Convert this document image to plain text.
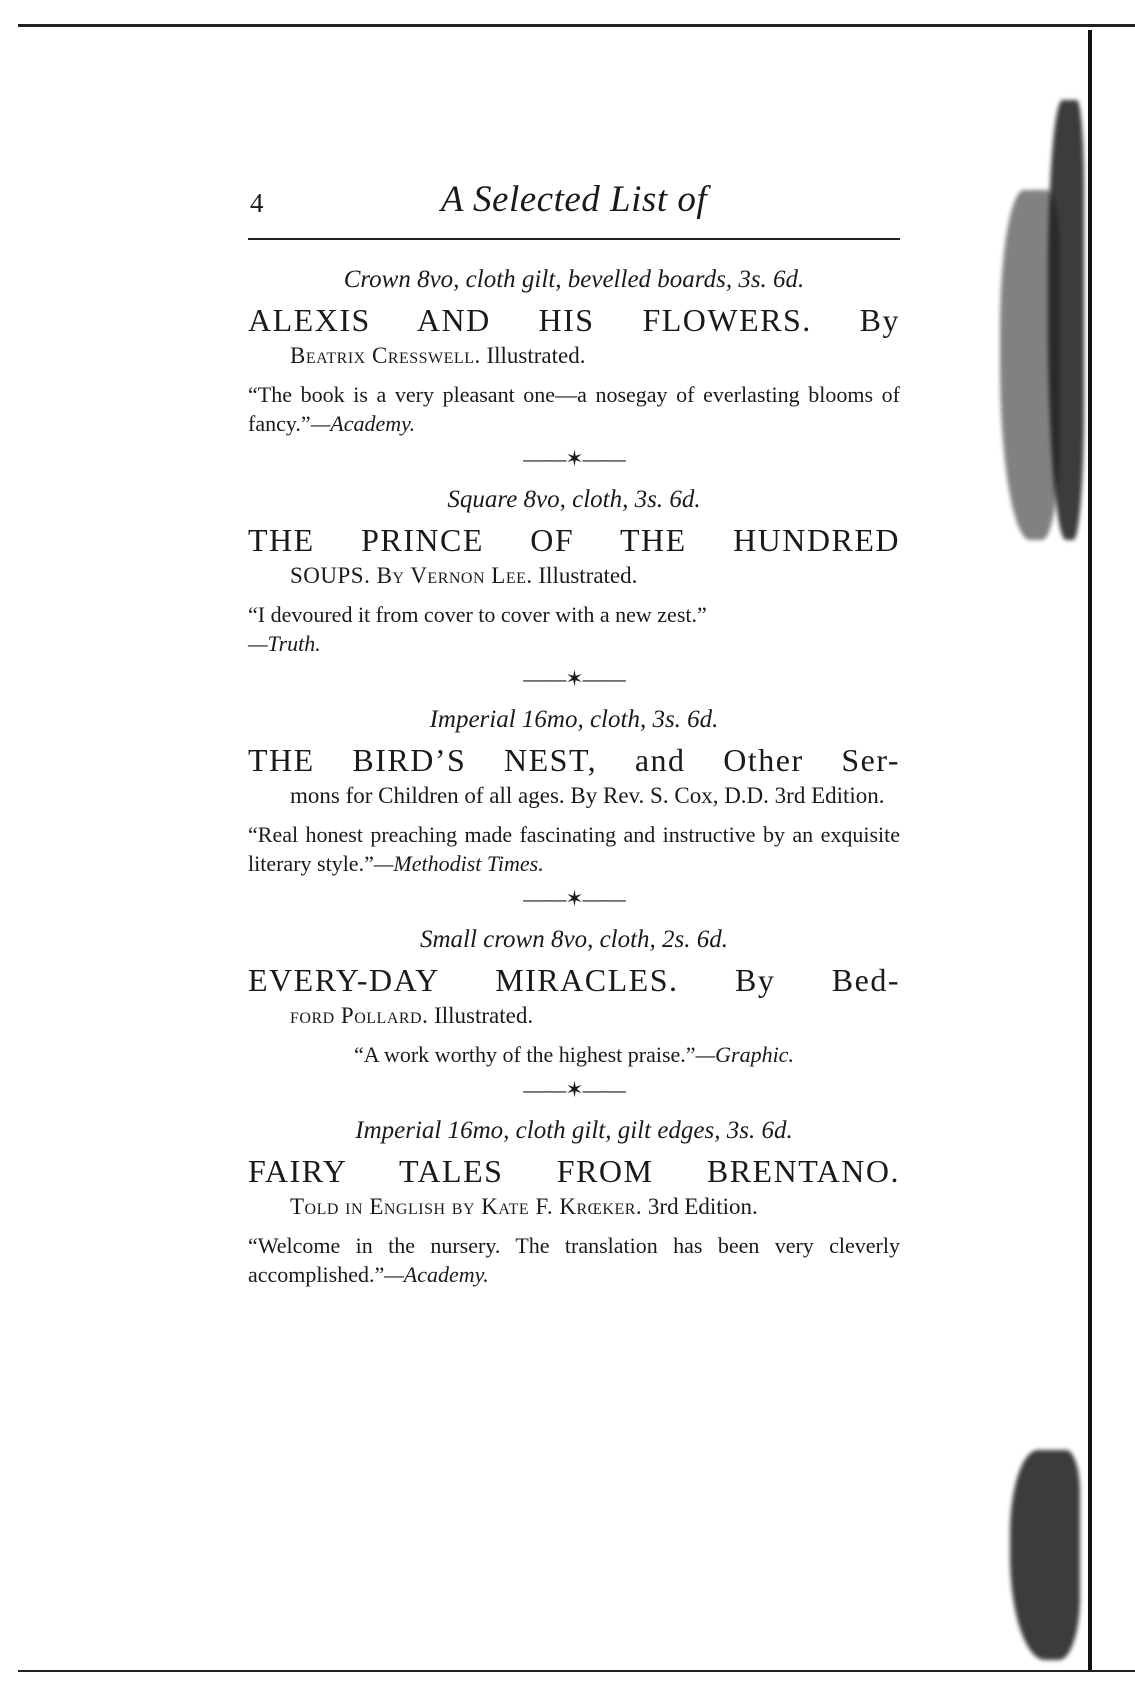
4	A Selected List of

Crown 8vo, cloth gilt, bevelled boards, 3s. 6d.

ALEXIS AND HIS FLOWERS. By

Beatrix Cresswell. Illustrated.

“The book is a very pleasant one—a nosegay of everlasting blooms of fancy.”—Academy.

——✶——

Square 8vo, cloth, 3s. 6d.

THE PRINCE OF THE HUNDRED

SOUPS. By Vernon Lee. Illustrated.

“I devoured it from cover to cover with a new zest.”
—Truth.

——✶——

Imperial 16mo, cloth, 3s. 6d.

THE BIRD’S NEST, and Other Ser-

mons for Children of all ages. By Rev. S. Cox, D.D. 3rd Edition.

“Real honest preaching made fascinating and instructive by an exquisite literary style.”—Methodist Times.

——✶——

Small crown 8vo, cloth, 2s. 6d.

EVERY-DAY MIRACLES. By Bed-

ford Pollard. Illustrated.

“A work worthy of the highest praise.”—Graphic.

——✶——

Imperial 16mo, cloth gilt, gilt edges, 3s. 6d.

FAIRY TALES FROM BRENTANO.

Told in English by Kate F. Krœker. 3rd Edition.

“Welcome in the nursery. The translation has been very cleverly accomplished.”—Academy.
